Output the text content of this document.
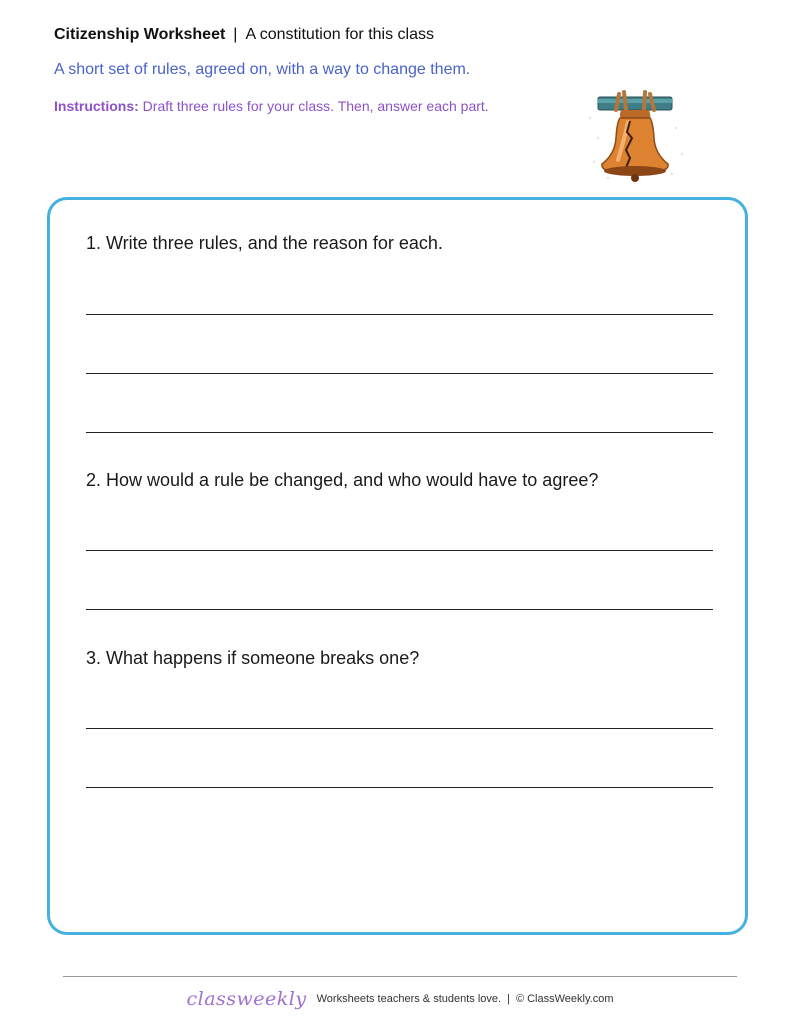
Citizenship Worksheet | A constitution for this class
A short set of rules, agreed on, with a way to change them.
Instructions: Draft three rules for your class. Then, answer each part.
1. Write three rules, and the reason for each.
2. How would a rule be changed, and who would have to agree?
3. What happens if someone breaks one?
classweekly Worksheets teachers & students love. | © ClassWeekly.com
